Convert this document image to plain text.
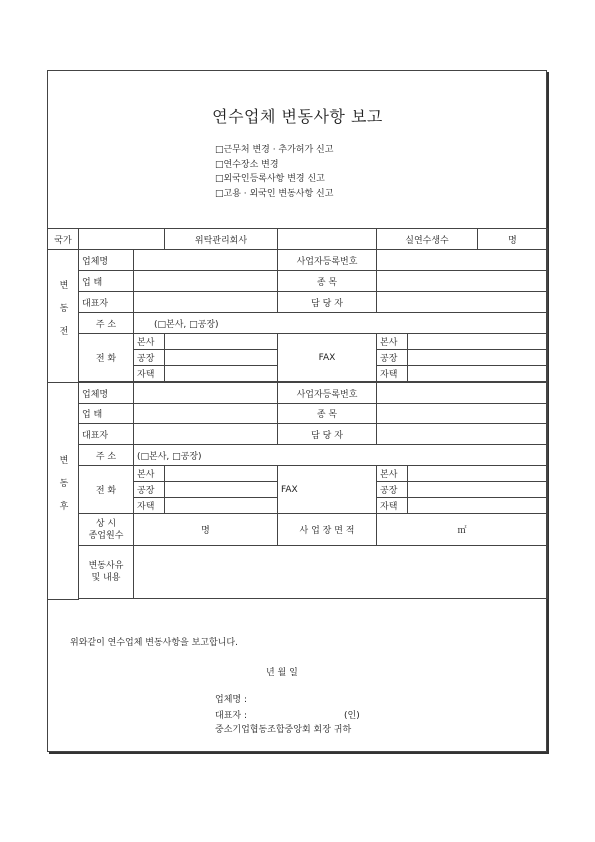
연수업체 변동사항 보고
□근무처 변경 · 추가허가 신고
□연수장소 변경
□외국인등록사항 변경 신고
□고용 · 외국인 변동사항 신고
국가			위탁관리회사		실연수생수		명
변동전	업체명			사업자등록번호			
	업 태			종 목			
	대표자			담 당 자			
	주 소	(□본사, □공장)					
	전 화	본사		FAX	본사		
		공장			공장		
		자택			자택		

변동후	업체명			사업자등록번호			
	업 태			종 목			
	대표자			담 당 자			
	주 소	(□본사, □공장)					
	전 화	본사		FAX	본사		
		공장			공장		
		자택			자택		

	상 시
종업원수	명		사 업 장 면 적	㎡		

	변동사유
및 내용						

위와같이 연수업체 변동사항을 보고합니다.
년 월 일
업체명 :
대표자 :	(인)
중소기업협동조합중앙회 회장 귀하
